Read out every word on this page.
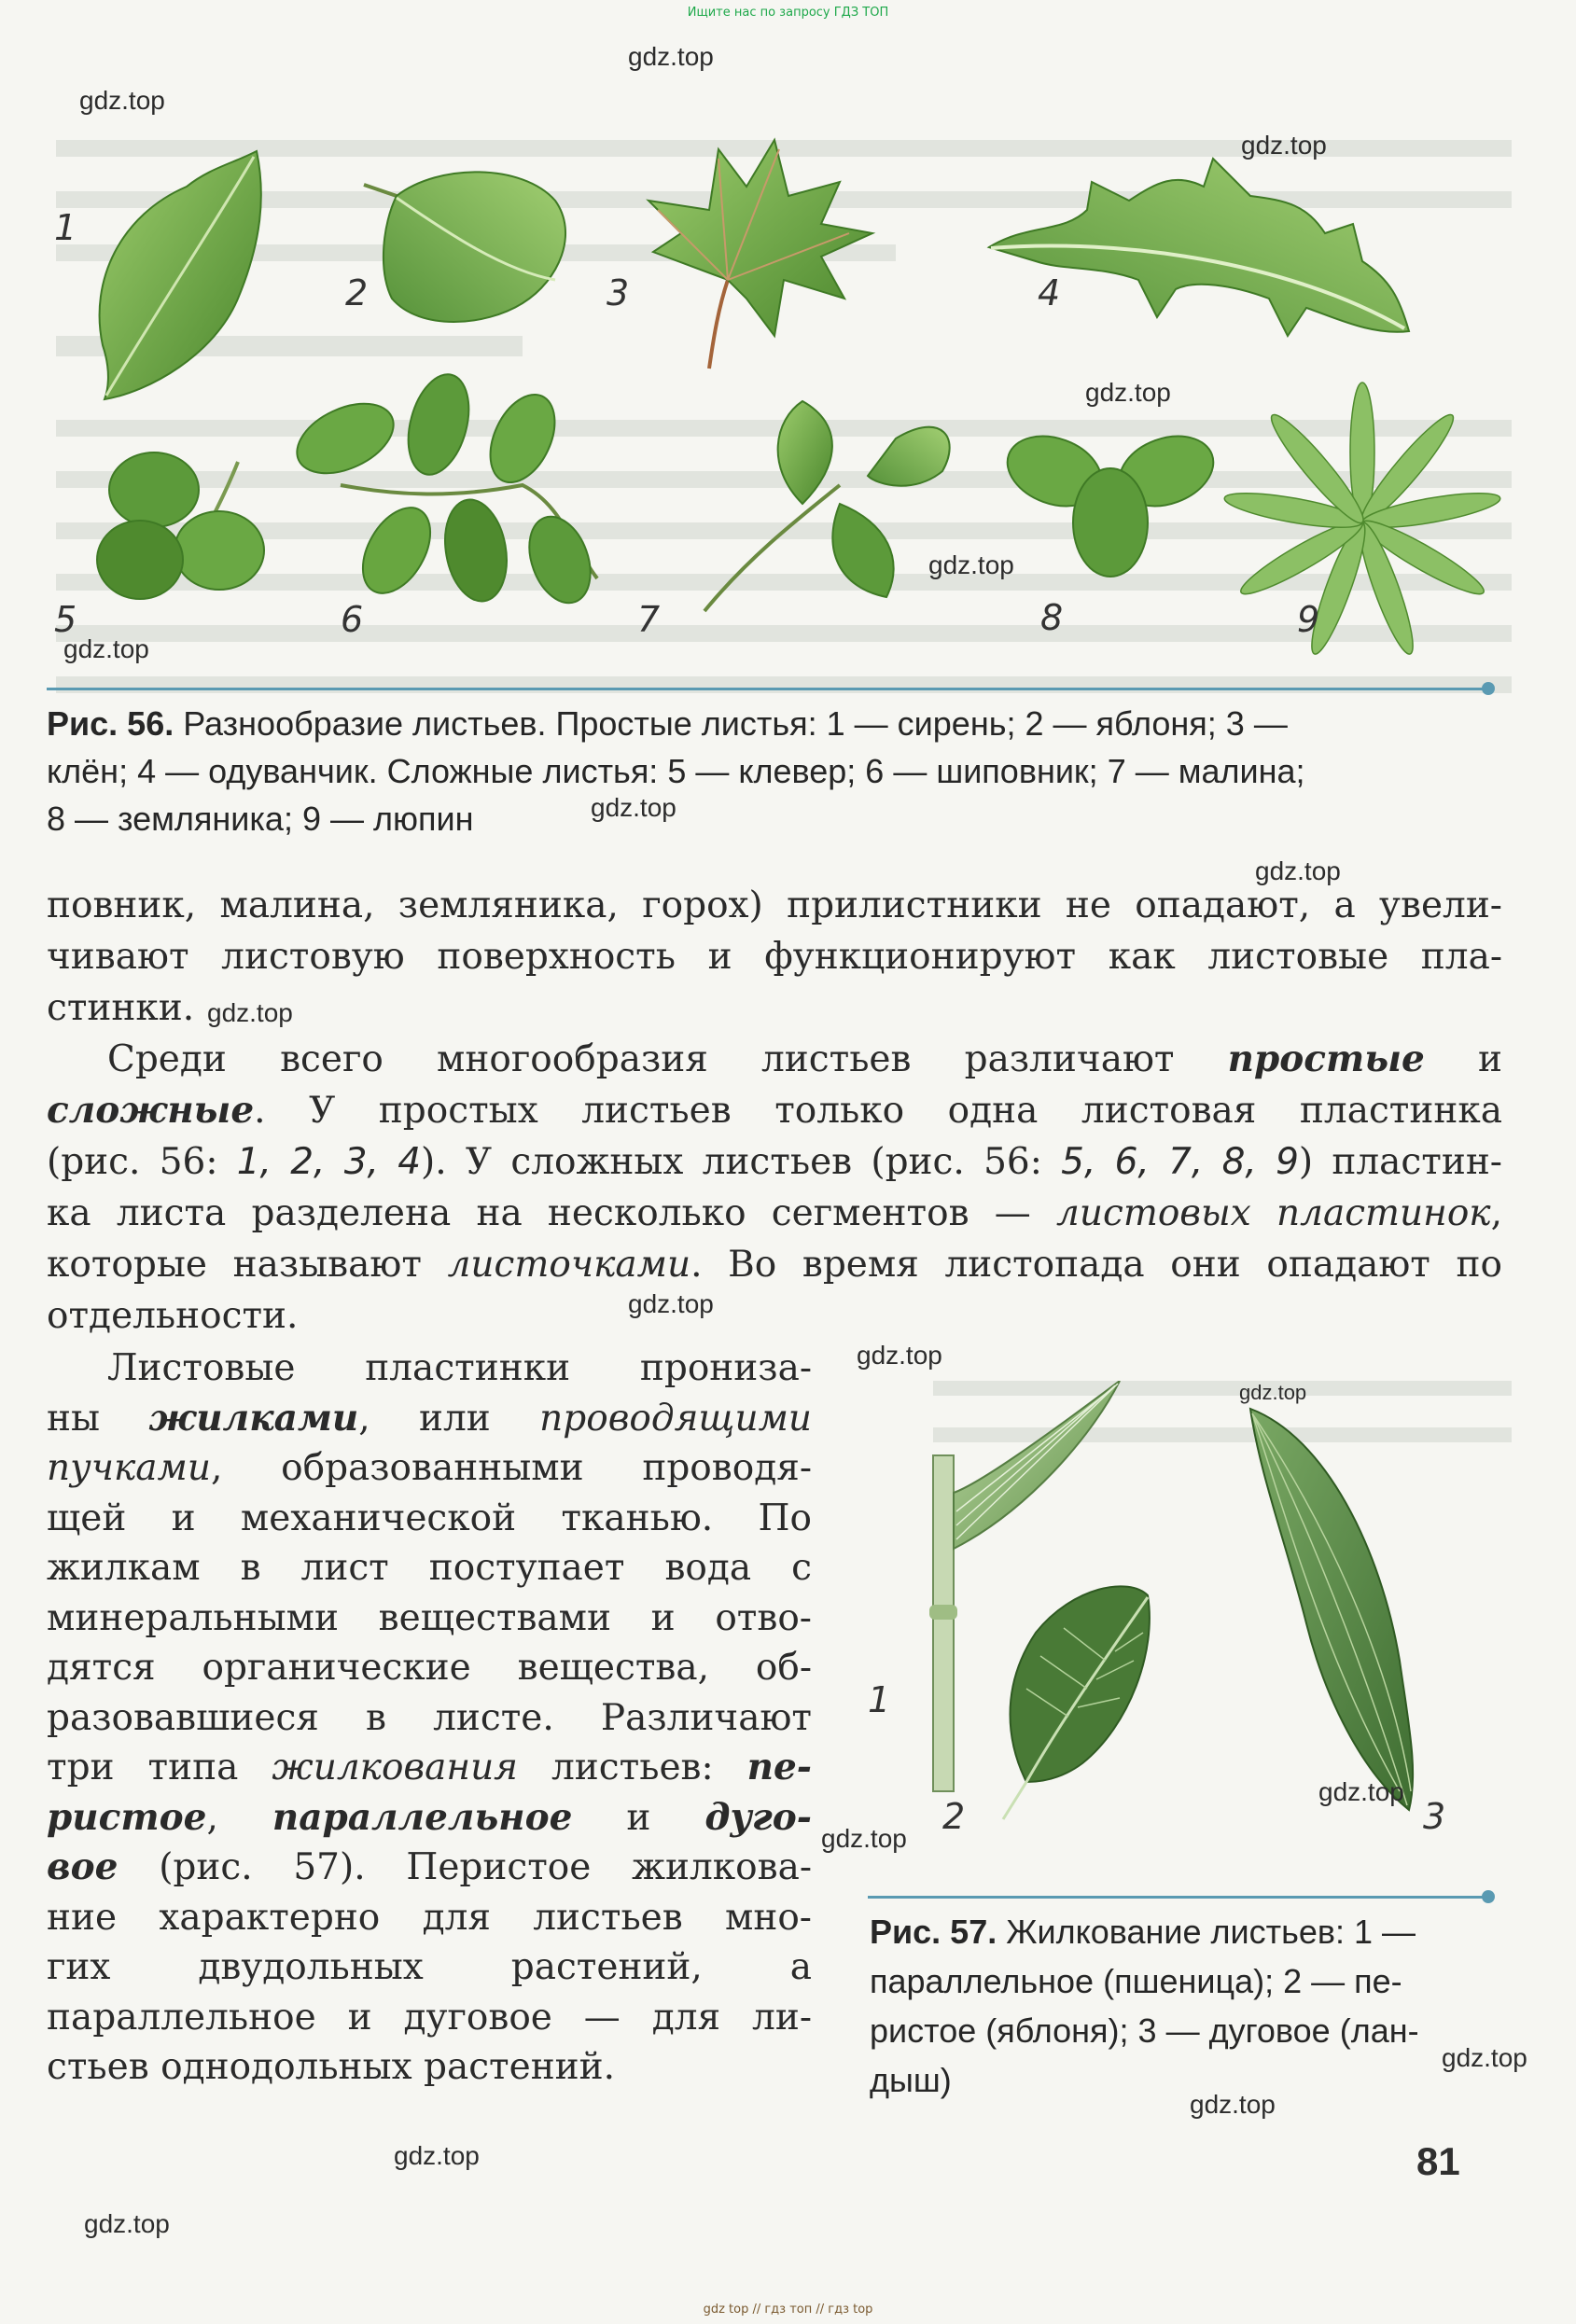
Ищите нас по запросу ГДЗ ТОП
1
2	3	4
5	6	7	8	9
Рис. 56. Разнообразие листьев. Простые листья: 1 — сирень; 2 — яблоня; 3 —
клён; 4 — одуванчик. Сложные листья: 5 — клевер; 6 — шиповник; 7 — малина;
8 — земляника; 9 — люпин
повник, малина, земляника, горох) прилистники не опадают, а увели-
чивают листовую поверхность и функционируют как листовые пла-
стинки.
Среди всего многообразия листьев различают простые и
сложные. У простых листьев только одна листовая пластинка
(рис. 56: 1, 2, 3, 4). У сложных листьев (рис. 56: 5, 6, 7, 8, 9) пластин-
ка листа разделена на несколько сегментов — листовых пластинок,
которые называют листочками. Во время листопада они опадают по
отдельности.
Листовые пластинки прониза-
ны жилками, или проводящими
пучками, образованными проводя-
щей и механической тканью. По
жилкам в лист поступает вода с
минеральными веществами и отво-
дятся органические вещества, об-
разовавшиеся в листе. Различают
три типа жилкования листьев: пе-
ристое, параллельное и дуго-
вое (рис. 57). Перистое жилкова-
ние характерно для листьев мно-
гих двудольных растений, а
параллельное и дуговое — для ли-
стьев однодольных растений.
1
2	3
Рис. 57. Жилкование листьев: 1 —
параллельное (пшеница); 2 — пе-
ристое (яблоня); 3 — дуговое (лан-
дыш)
81
gdz.top
gdz.top
gdz.top
gdz.top
gdz.top
gdz.top
gdz.top
gdz.top
gdz.top
gdz.top
gdz.top
gdz.top
gdz.top
gdz.top
gdz.top
gdz.top
gdz.top
gdz.top
gdz top // гдз топ // гдз top
